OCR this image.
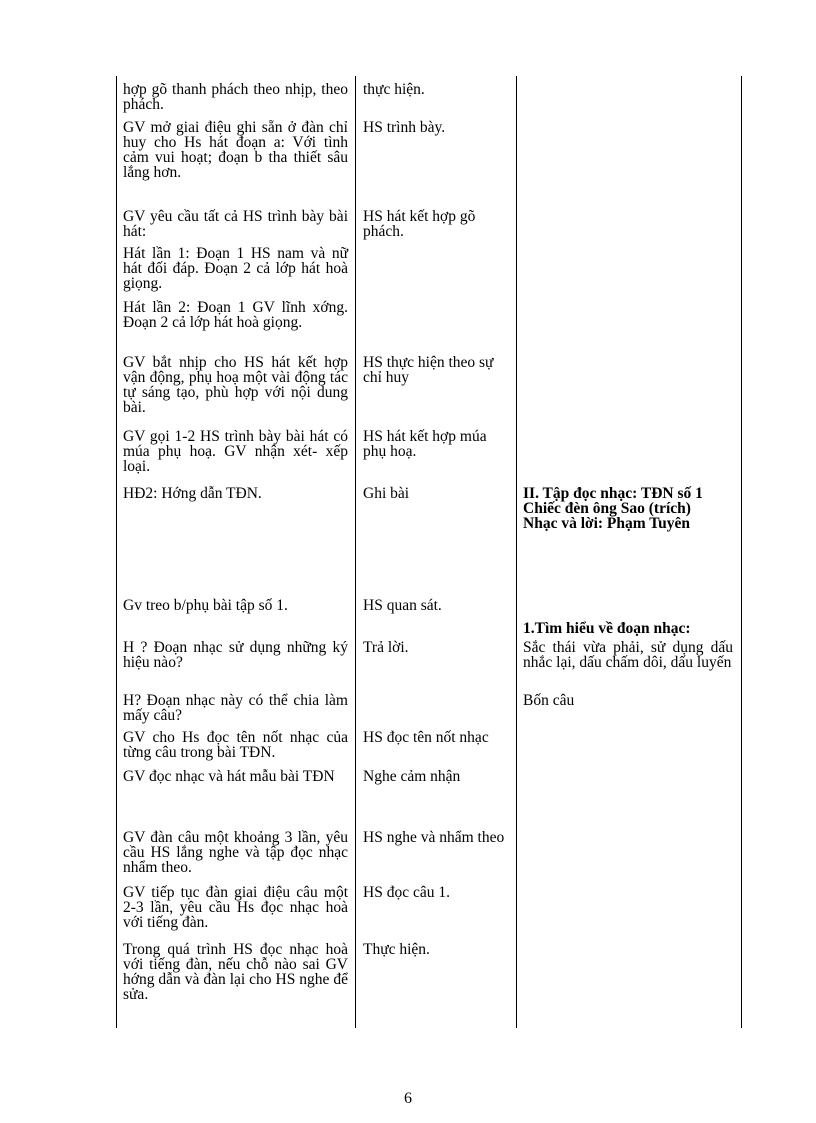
hợp gõ thanh phách theo nhịp, theo phách.
GV mở giai điệu ghi sẵn ở đàn chỉ huy cho Hs hát đoạn a: Với tình cảm vui hoạt; đoạn b tha thiết sâu lắng hơn.
GV yêu cầu tất cả HS trình bày bài hát:
Hát lần 1: Đoạn 1 HS nam và nữ hát đối đáp. Đoạn 2 cả lớp hát hoà giọng.
Hát lần 2: Đoạn 1 GV lĩnh xớng. Đoạn 2 cả lớp hát hoà giọng.
GV bắt nhịp cho HS hát kết hợp vận động, phụ hoạ một vài động tác tự sáng tạo, phù hợp với nội dung bài.
GV gọi 1-2 HS trình bày bài hát có múa phụ hoạ. GV nhận xét- xếp loại.
HĐ2: Hớng dẫn TĐN.
Gv treo b/phụ bài tập số 1.
H ? Đoạn nhạc sử dụng những ký hiệu nào?
H? Đoạn nhạc này có thể chia làm mấy câu?
GV cho Hs đọc tên nốt nhạc của từng câu trong bài TĐN.
GV đọc nhạc và hát mẫu bài TĐN
GV đàn câu một khoảng 3 lần, yêu cầu HS lắng nghe và tập đọc nhạc nhẩm theo.
GV tiếp tục đàn giai điệu câu một 2-3 lần, yêu cầu Hs đọc nhạc hoà với tiếng đàn.
Trong quá trình HS đọc nhạc hoà với tiếng đàn, nếu chỗ nào sai GV hớng dẫn và đàn lại cho HS nghe để sửa.
thực hiện.
HS trình bày.
HS hát kết hợp gõ phách.
HS thực hiện theo sự chỉ huy
HS hát kết hợp múa phụ hoạ.
Ghi bài
HS quan sát.
Trả lời.
HS đọc tên nốt nhạc
Nghe cảm nhận
HS nghe và nhẩm theo
HS đọc câu 1.
Thực hiện.
II. Tập đọc nhạc: TĐN số 1
Chiếc đèn ông Sao (trích)
Nhạc và lời: Phạm Tuyên
1.Tìm hiểu về đoạn nhạc:
Sắc thái vừa phải, sử dụng dấu nhắc lại, dấu chấm dôi, dấu luyến
Bốn câu
6
